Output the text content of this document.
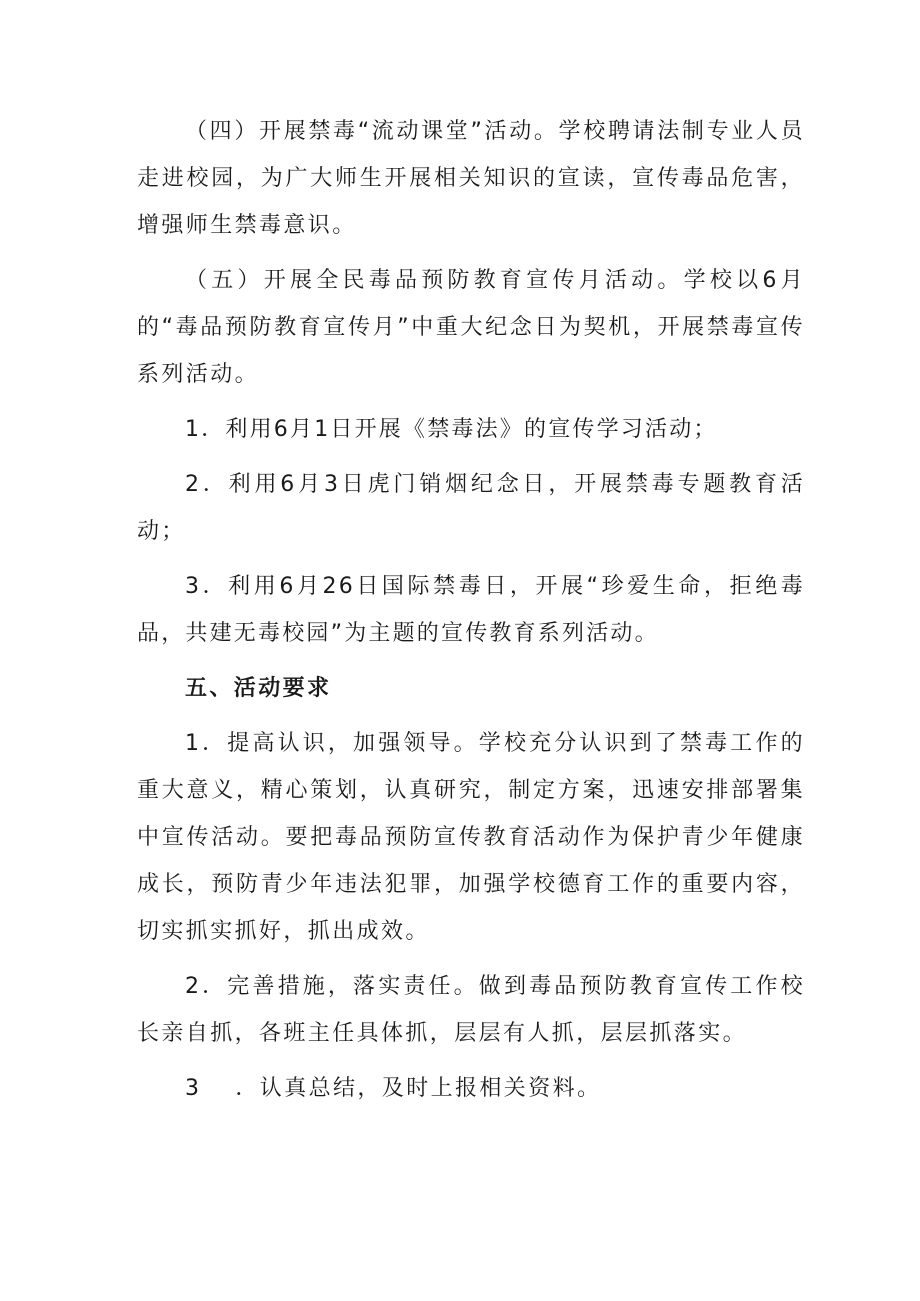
（四）开展禁毒“流动课堂”活动。学校聘请法制专业人员走进校园，为广大师生开展相关知识的宣读，宣传毒品危害，增强师生禁毒意识。

（五）开展全民毒品预防教育宣传月活动。学校以6月的“毒品预防教育宣传月”中重大纪念日为契机，开展禁毒宣传系列活动。

1．利用6月1日开展《禁毒法》的宣传学习活动；

2．利用6月3日虎门销烟纪念日，开展禁毒专题教育活动；

3．利用6月26日国际禁毒日，开展“珍爱生命，拒绝毒品，共建无毒校园”为主题的宣传教育系列活动。

五、活动要求

1．提高认识，加强领导。学校充分认识到了禁毒工作的重大意义，精心策划，认真研究，制定方案，迅速安排部署集中宣传活动。要把毒品预防宣传教育活动作为保护青少年健康成长，预防青少年违法犯罪，加强学校德育工作的重要内容，切实抓实抓好，抓出成效。

2．完善措施，落实责任。做到毒品预防教育宣传工作校长亲自抓，各班主任具体抓，层层有人抓，层层抓落实。

3 ．认真总结，及时上报相关资料。
